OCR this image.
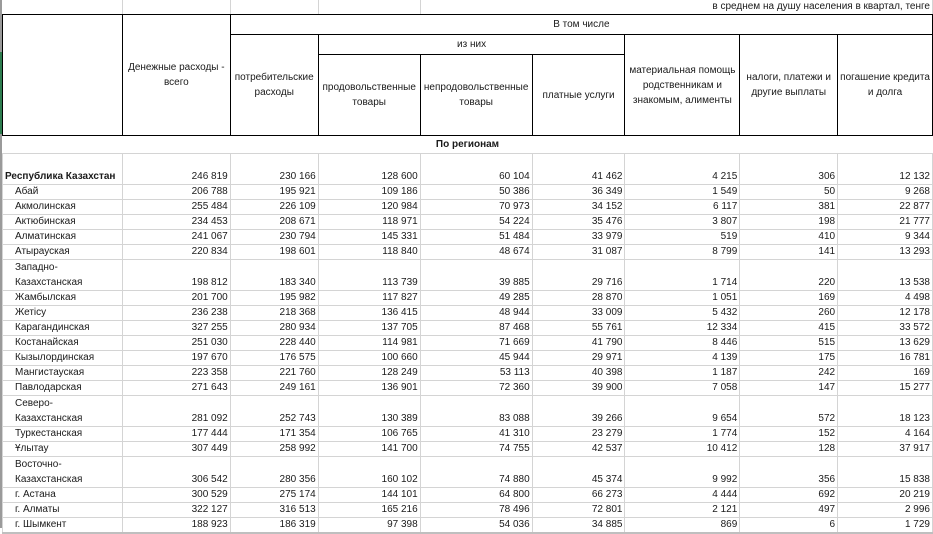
				в среднем на душу населения в квартал, тенге				
	Денежные расходы - всего	В том числе						
		потребительские расходы	из них			материальная помощь родственникам и знакомым, алименты	налоги, платежи и другие выплаты	погашение кредита и долга
			продовольственные товары	непродовольственные товары	платные услуги			
По регионам								
Республика Казахстан	246 819	230 166	128 600	60 104	41 462	4 215	306	12 132
Абай	206 788	195 921	109 186	50 386	36 349	1 549	50	9 268
Акмолинская	255 484	226 109	120 984	70 973	34 152	6 117	381	22 877
Актюбинская	234 453	208 671	118 971	54 224	35 476	3 807	198	21 777
Алматинская	241 067	230 794	145 331	51 484	33 979	519	410	9 344
Атырауская	220 834	198 601	118 840	48 674	31 087	8 799	141	13 293

Западно-
Казахстанская	198 812	183 340	113 739	39 885	29 716	1 714	220	13 538
Жамбылская	201 700	195 982	117 827	49 285	28 870	1 051	169	4 498
Жетісу	236 238	218 368	136 415	48 944	33 009	5 432	260	12 178
Карагандинская	327 255	280 934	137 705	87 468	55 761	12 334	415	33 572
Костанайская	251 030	228 440	114 981	71 669	41 790	8 446	515	13 629
Кызылординская	197 670	176 575	100 660	45 944	29 971	4 139	175	16 781
Мангистауская	223 358	221 760	128 249	53 113	40 398	1 187	242	169
Павлодарская	271 643	249 161	136 901	72 360	39 900	7 058	147	15 277

Северо-
Казахстанская	281 092	252 743	130 389	83 088	39 266	9 654	572	18 123
Туркестанская	177 444	171 354	106 765	41 310	23 279	1 774	152	4 164
Ұлытау	307 449	258 992	141 700	74 755	42 537	10 412	128	37 917

Восточно-
Казахстанская	306 542	280 356	160 102	74 880	45 374	9 992	356	15 838
г. Астана	300 529	275 174	144 101	64 800	66 273	4 444	692	20 219
г. Алматы	322 127	316 513	165 216	78 496	72 801	2 121	497	2 996
г. Шымкент	188 923	186 319	97 398	54 036	34 885	869	6	1 729
